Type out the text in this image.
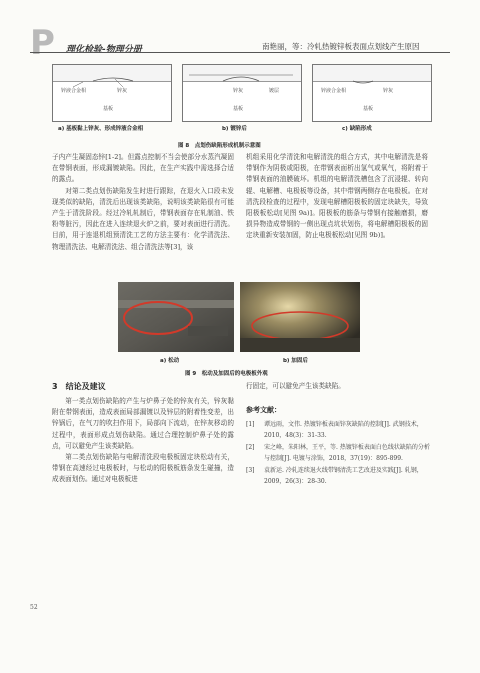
P 理化检验-物理分册	南艳丽，等：冷轧热镀锌板表面点划线产生原因
锌液合金相	锌灰
基板
锌灰	镀层
基板
锌液合金相	锌灰
基板
a) 基板黏上锌灰、形成锌液合金相	b) 镀锌后	c) 缺陷形成
图 8　点划伤缺陷形成机制示意图

子内产生凝固态锌[1-2]。但露点控制不当会使部分水蒸汽凝固在带钢表面，形成漏镀缺陷。因此，在生产实践中需选择合适的露点。

对第二类点划伤缺陷发生时进行跟踪，在退火入口段未发现类似的缺陷，清洗后出现该类缺陷，说明该类缺陷很有可能产生于清洗阶段。经过冷轧轧制后，带钢表面存在轧制油、铁粉等脏污，因此在进入连续退火炉之前，要对表面进行清洗。目前，用于连退机组预清洗工艺的方法主要有：化学清洗法、物理清洗法、电解清洗法、组合清洗法等[3]，该

机组采用化学清洗和电解清洗的组合方式，其中电解清洗是将带钢作为阴极或阳极，在带钢表面析出氢气或氧气，将附着于带钢表面的油膜破坏。机组的电解清洗槽包含了沉浸辊、转向辊、电解槽、电极板等设备，其中带钢两侧存在电极板。在对清洗段检查的过程中，发现电解槽阳极板的固定块缺失，导致阳极板松动[见图 9a)]。阳极板的筋条与带钢有接触磨损，磨损异物造成带钢的一侧出现点坑状划伤，将电解槽阳极板的固定块重新安装加固，防止电极板松动[见图 9b)]。

a) 松动	b) 加固后
图 9　松动及加固后的电极板外观
3　结论及建议

第一类点划伤缺陷的产生与炉鼻子处的锌灰有关，锌灰黏附在带钢表面，造成表面局部漏镀以及锌层的附着性变差，出锌锅后，在气刀的吹扫作用下，局部向下流动，在锌灰移动的过程中，表面形成点划伤缺陷。通过合理控制炉鼻子处的露点，可以避免产生该类缺陷。

第二类点划伤缺陷与电解清洗段电极板固定块松动有关，带钢在高速经过电极板时，与松动的阳极板筋条发生碰撞，造成表面划伤。通过对电极板进

行固定，可以避免产生该类缺陷。

参考文献：
[1]	谭远雨，文伟. 热镀锌板表面锌灰缺陷的控制[J]. 武钢技术，2010，48(3)：31-33.
[2]	宋之峰，朱阳林，王平，等. 热镀锌板表面白色线状缺陷的分析与控制[J]. 电镀与涂饰，2018，37(19)：895-899.
[3]	袁新运. 冷轧连续退火线带钢清洗工艺改进及实践[J]. 轧钢，2009，26(3)：28-30.
52
